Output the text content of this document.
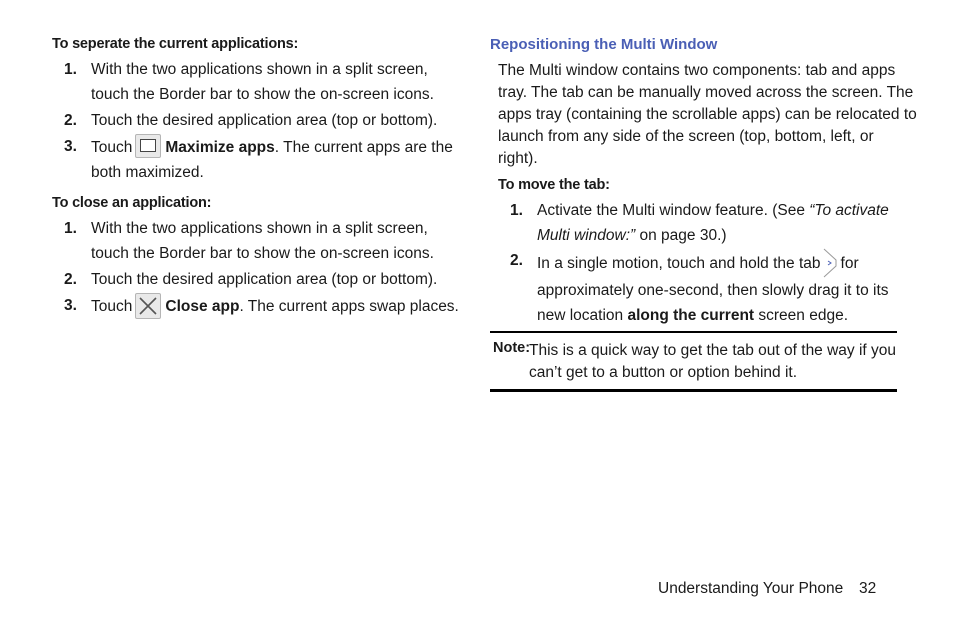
To seperate the current applications:
1. With the two applications shown in a split screen,
touch the Border bar to show the on-screen icons.
2. Touch the desired application area (top or bottom).
3. Touch Maximize apps. The current apps are the
both maximized.
To close an application:
1. With the two applications shown in a split screen,
touch the Border bar to show the on-screen icons.
2. Touch the desired application area (top or bottom).
3. Touch Close app. The current apps swap places.
Repositioning the Multi Window
The Multi window contains two components: tab and apps
tray. The tab can be manually moved across the screen. The
apps tray (containing the scrollable apps) can be relocated to
launch from any side of the screen (top, bottom, left, or
right).
To move the tab:
1. Activate the Multi window feature. (See “To activate
Multi window:” on page 30.)
2. In a single motion, touch and hold the tab for
approximately one-second, then slowly drag it to its
new location along the current screen edge.
Note:
This is a quick way to get the tab out of the way if you
can’t get to a button or option behind it.
Understanding Your Phone 32
